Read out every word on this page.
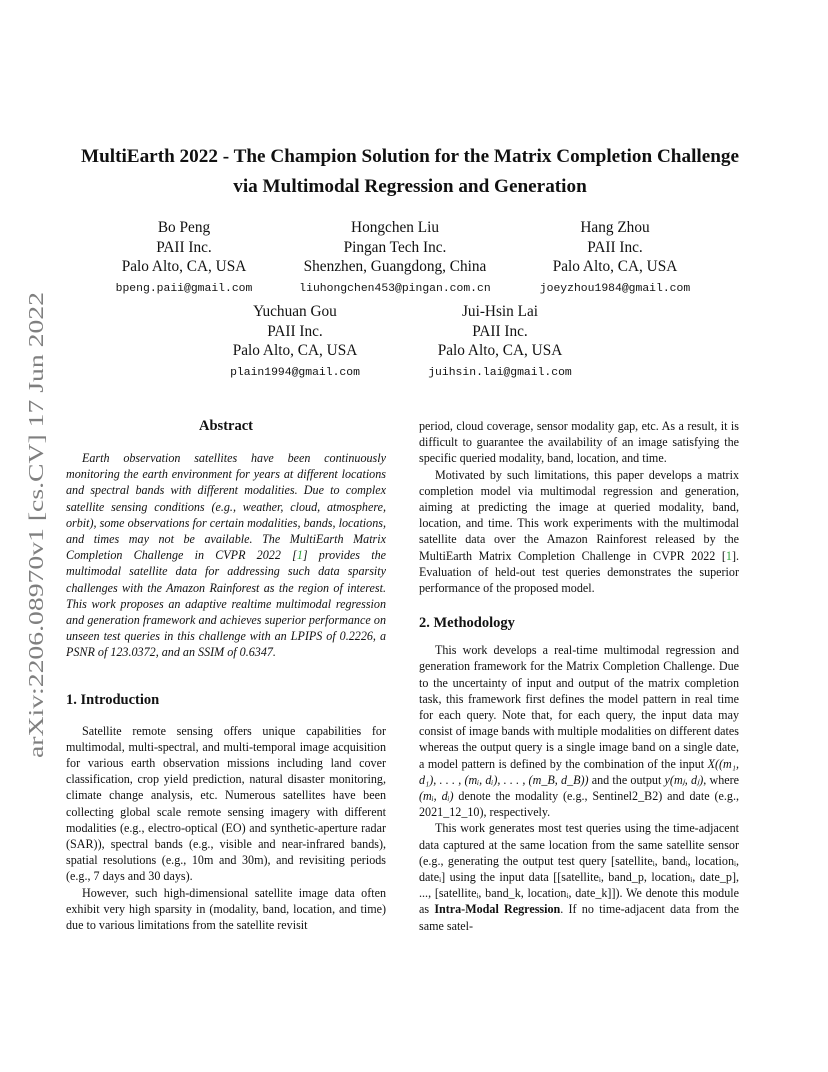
arXiv:2206.08970v1 [cs.CV] 17 Jun 2022
MultiEarth 2022 - The Champion Solution for the Matrix Completion Challenge
via Multimodal Regression and Generation
Bo Peng
PAII Inc.
Palo Alto, CA, USA
bpeng.paii@gmail.com
Hongchen Liu
Pingan Tech Inc.
Shenzhen, Guangdong, China
liuhongchen453@pingan.com.cn
Hang Zhou
PAII Inc.
Palo Alto, CA, USA
joeyzhou1984@gmail.com
Yuchuan Gou
PAII Inc.
Palo Alto, CA, USA
plain1994@gmail.com
Jui-Hsin Lai
PAII Inc.
Palo Alto, CA, USA
juihsin.lai@gmail.com
Abstract

Earth observation satellites have been continuously monitoring the earth environment for years at different locations and spectral bands with different modalities. Due to complex satellite sensing conditions (e.g., weather, cloud, atmosphere, orbit), some observations for certain modalities, bands, locations, and times may not be available. The MultiEarth Matrix Completion Challenge in CVPR 2022 [1] provides the multimodal satellite data for addressing such data sparsity challenges with the Amazon Rainforest as the region of interest. This work proposes an adaptive realtime multimodal regression and generation framework and achieves superior performance on unseen test queries in this challenge with an LPIPS of 0.2226, a PSNR of 123.0372, and an SSIM of 0.6347.

1. Introduction

Satellite remote sensing offers unique capabilities for multimodal, multi-spectral, and multi-temporal image acquisition for various earth observation missions including land cover classification, crop yield prediction, natural disaster monitoring, climate change analysis, etc. Numerous satellites have been collecting global scale remote sensing imagery with different modalities (e.g., electro-optical (EO) and synthetic-aperture radar (SAR)), spectral bands (e.g., visible and near-infrared bands), spatial resolutions (e.g., 10m and 30m), and revisiting periods (e.g., 7 days and 30 days).

However, such high-dimensional satellite image data often exhibit very high sparsity in (modality, band, location, and time) due to various limitations from the satellite revisit

period, cloud coverage, sensor modality gap, etc. As a result, it is difficult to guarantee the availability of an image satisfying the specific queried modality, band, location, and time.

Motivated by such limitations, this paper develops a matrix completion model via multimodal regression and generation, aiming at predicting the image at queried modality, band, location, and time. This work experiments with the multimodal satellite data over the Amazon Rainforest released by the MultiEarth Matrix Completion Challenge in CVPR 2022 [1]. Evaluation of held-out test queries demonstrates the superior performance of the proposed model.

2. Methodology

This work develops a real-time multimodal regression and generation framework for the Matrix Completion Challenge. Due to the uncertainty of input and output of the matrix completion task, this framework first defines the model pattern in real time for each query. Note that, for each query, the input data may consist of image bands with multiple modalities on different dates whereas the output query is a single image band on a single date, a model pattern is defined by the combination of the input X((m₁, d₁), . . . , (mᵢ, dᵢ), . . . , (m_B, d_B)) and the output y(mⱼ, dⱼ), where (mᵢ, dᵢ) denote the modality (e.g., Sentinel2_B2) and date (e.g., 2021_12_10), respectively.

This work generates most test queries using the time-adjacent data captured at the same location from the same satellite sensor (e.g., generating the output test query [satelliteᵢ, bandᵢ, locationᵢ, dateᵢ] using the input data [[satelliteᵢ, band_p, locationᵢ, date_p], ..., [satelliteᵢ, band_k, locationᵢ, date_k]]). We denote this module as Intra-Modal Regression. If no time-adjacent data from the same satel-
